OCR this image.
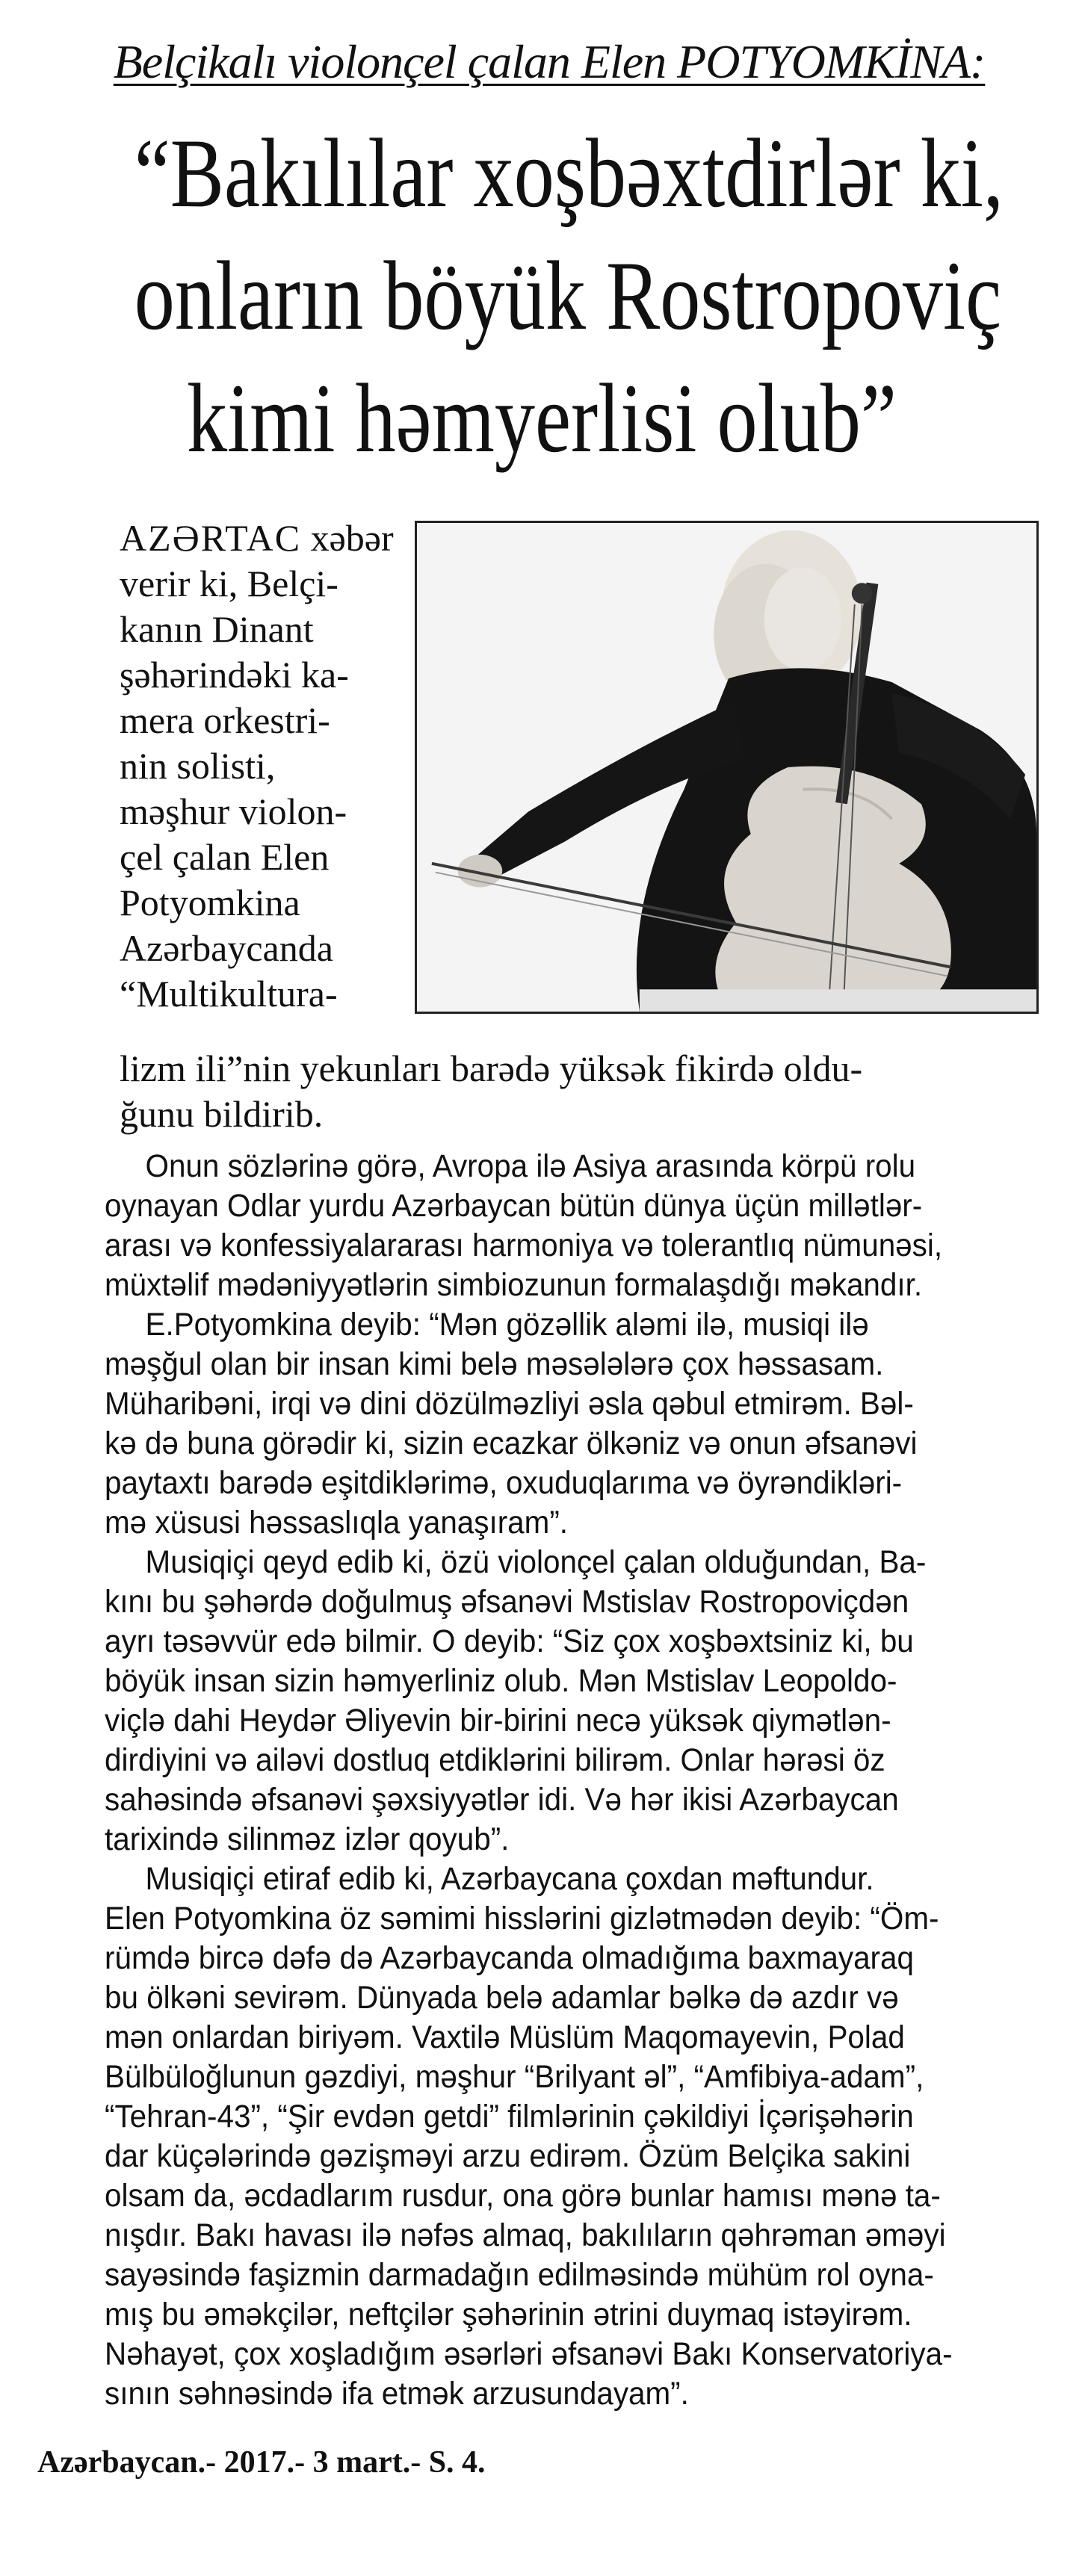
Belçikalı violonçel çalan Elen POTYOMKİNA:
“Bakılılar xoşbəxtdirlər ki,
onların böyük Rostropoviç
kimi həmyerlisi olub”
AZƏRTAC xəbər
verir ki, Belçi-
kanın Dinant
şəhərindəki ka-
mera orkestri-
nin solisti,
məşhur violon-
çel çalan Elen
Potyomkina
Azərbaycanda
“Multikultura-
lizm ili”nin yekunları barədə yüksək fikirdə oldu-
ğunu bildirib.
Onun sözlərinə görə, Avropa ilə Asiya arasında körpü rolu
oynayan Odlar yurdu Azərbaycan bütün dünya üçün millətlər-
arası və konfessiyalararası harmoniya və tolerantlıq nümunəsi,
müxtəlif mədəniyyətlərin simbiozunun formalaşdığı məkandır.
E.Potyomkina deyib: “Mən gözəllik aləmi ilə, musiqi ilə
məşğul olan bir insan kimi belə məsələlərə çox həssasam.
Müharibəni, irqi və dini dözülməzliyi əsla qəbul etmirəm. Bəl-
kə də buna görədir ki, sizin ecazkar ölkəniz və onun əfsanəvi
paytaxtı barədə eşitdiklərimə, oxuduqlarıma və öyrəndiklərі-
mə xüsusi həssaslıqla yanaşıram”.
Musiqiçi qeyd edib ki, özü violonçel çalan olduğundan, Ba-
kını bu şəhərdə doğulmuş əfsanəvi Mstislav Rostropoviçdən
ayrı təsəvvür edə bilmir. O deyib: “Siz çox xoşbəxtsiniz ki, bu
böyük insan sizin həmyerliniz olub. Mən Mstislav Leopoldo-
viçlə dahi Heydər Əliyevin bir-birini necə yüksək qiymətlən-
dirdiyini və ailəvi dostluq etdiklərini bilirəm. Onlar hərəsi öz
sahəsində əfsanəvi şəxsiyyətlər idi. Və hər ikisi Azərbaycan
tarixində silinməz izlər qoyub”.
Musiqiçi etiraf edib ki, Azərbaycana çoxdan məftundur.
Elen Potyomkina öz səmimi hisslərini gizlətmədən deyib: “Öm-
rümdə bircə dəfə də Azərbaycanda olmadığıma baxmayaraq
bu ölkəni sevirəm. Dünyada belə adamlar bəlkə də azdır və
mən onlardan biriyəm. Vaxtilə Müslüm Maqomayevin, Polad
Bülbüloğlunun gəzdiyi, məşhur “Brilyant əl”, “Amfibiya-adam”,
“Tehran-43”, “Şir evdən getdi” filmlərinin çəkildiyi İçərişəhərin
dar küçələrində gəzişməyi arzu edirəm. Özüm Belçika sakini
olsam da, əcdadlarım rusdur, ona görə bunlar hamısı mənə ta-
nışdır. Bakı havası ilə nəfəs almaq, bakılıların qəhrəman əməyi
sayəsində faşizmin darmadağın edilməsində mühüm rol oyna-
mış bu əməkçilər, neftçilər şəhərinin ətrini duymaq istəyirəm.
Nəhayət, çox xoşladığım əsərləri əfsanəvi Bakı Konservatoriya-
sının səhnəsində ifa etmək arzusundayam”.
Azərbaycan.- 2017.- 3 mart.- S. 4.
